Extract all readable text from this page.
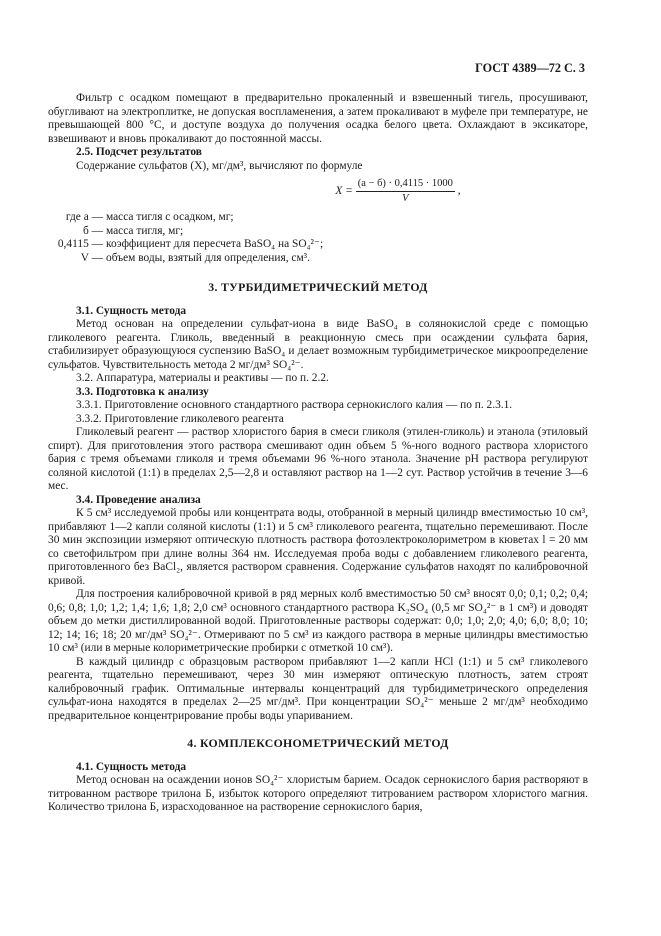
ГОСТ 4389—72 С. 3

Фильтр с осадком помещают в предварительно прокаленный и взвешенный тигель, просушивают, обугливают на электроплитке, не допуская воспламенения, а затем прокаливают в муфеле при температуре, не превышающей 800 °С, и доступе воздуха до получения осадка белого цвета. Охлаждают в эксикаторе, взвешивают и вновь прокаливают до постоянной массы.

2.5. Подсчет результатов

Содержание сульфатов (X), мг/дм³, вычисляют по формуле

$X = \frac{(a - б) \cdot 0,4115 \cdot 1000}{V}$ ,
где a — масса тигля с осадком, мг;
б — масса тигля, мг;
0,4115 — коэффициент для пересчета BaSO₄ на SO₄²⁻;
V — объем воды, взятый для определения, см³.

3. ТУРБИДИМЕТРИЧЕСКИЙ МЕТОД

3.1. Сущность метода

Метод основан на определении сульфат-иона в виде BaSO₄ в солянокислой среде с помощью гликолевого реагента. Гликоль, введенный в реакционную смесь при осаждении сульфата бария, стабилизирует образующуюся суспензию BaSO₄ и делает возможным турбидиметрическое микроопределение сульфатов. Чувствительность метода 2 мг/дм³ SO₄²⁻.

3.2. Аппаратура, материалы и реактивы — по п. 2.2.

3.3. Подготовка к анализу

3.3.1. Приготовление основного стандартного раствора сернокислого калия — по п. 2.3.1.

3.3.2. Приготовление гликолевого реагента

Гликолевый реагент — раствор хлористого бария в смеси гликоля (этилен-гликоль) и этанола (этиловый спирт). Для приготовления этого раствора смешивают один объем 5 %-ного водного раствора хлористого бария с тремя объемами гликоля и тремя объемами 96 %-ного этанола. Значение pH раствора регулируют соляной кислотой (1:1) в пределах 2,5—2,8 и оставляют раствор на 1—2 сут. Раствор устойчив в течение 3—6 мес.

3.4. Проведение анализа

К 5 см³ исследуемой пробы или концентрата воды, отобранной в мерный цилиндр вместимостью 10 см³, прибавляют 1—2 капли соляной кислоты (1:1) и 5 см³ гликолевого реагента, тщательно перемешивают. После 30 мин экспозиции измеряют оптическую плотность раствора фотоэлектроколориметром в кюветах l = 20 мм со светофильтром при длине волны 364 нм. Исследуемая проба воды с добавлением гликолевого реагента, приготовленного без BaCl₂, является раствором сравнения. Содержание сульфатов находят по калибровочной кривой.

Для построения калибровочной кривой в ряд мерных колб вместимостью 50 см³ вносят 0,0; 0,1; 0,2; 0,4; 0,6; 0,8; 1,0; 1,2; 1,4; 1,6; 1,8; 2,0 см³ основного стандартного раствора K₂SO₄ (0,5 мг SO₄²⁻ в 1 см³) и доводят объем до метки дистиллированной водой. Приготовленные растворы содержат: 0,0; 1,0; 2,0; 4,0; 6,0; 8,0; 10; 12; 14; 16; 18; 20 мг/дм³ SO₄²⁻. Отмеривают по 5 см³ из каждого раствора в мерные цилиндры вместимостью 10 см³ (или в мерные колориметрические пробирки с отметкой 10 см³).

В каждый цилиндр с образцовым раствором прибавляют 1—2 капли HCl (1:1) и 5 см³ гликолевого реагента, тщательно перемешивают, через 30 мин измеряют оптическую плотность, затем строят калибровочный график. Оптимальные интервалы концентраций для турбидиметрического определения сульфат-иона находятся в пределах 2—25 мг/дм³. При концентрации SO₄²⁻ меньше 2 мг/дм³ необходимо предварительное концентрирование пробы воды упариванием.

4. КОМПЛЕКСОНОМЕТРИЧЕСКИЙ МЕТОД

4.1. Сущность метода

Метод основан на осаждении ионов SO₄²⁻ хлористым барием. Осадок сернокислого бария растворяют в титрованном растворе трилона Б, избыток которого определяют титрованием раствором хлористого магния. Количество трилона Б, израсходованное на растворение сернокислого бария,
